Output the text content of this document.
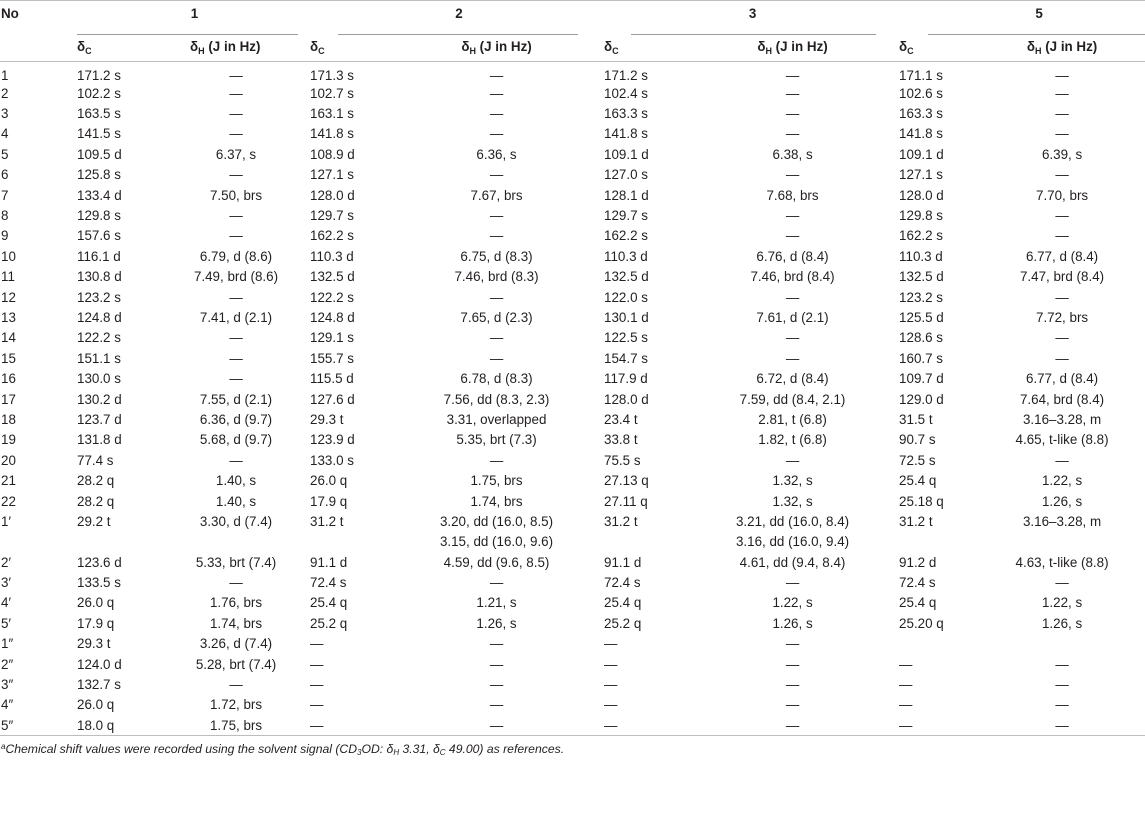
No	1		2		3		5	
	$\delta_C$	$\delta_H$ (J in Hz)	$\delta_C$	$\delta_H$ (J in Hz)	$\delta_C$	$\delta_H$ (J in Hz)	$\delta_C$	$\delta_H$ (J in Hz)
1	171.2 s	—	171.3 s	—	171.2 s	—	171.1 s	—
2	102.2 s	—	102.7 s	—	102.4 s	—	102.6 s	—
3	163.5 s	—	163.1 s	—	163.3 s	—	163.3 s	—
4	141.5 s	—	141.8 s	—	141.8 s	—	141.8 s	—
5	109.5 d	6.37, s	108.9 d	6.36, s	109.1 d	6.38, s	109.1 d	6.39, s
6	125.8 s	—	127.1 s	—	127.0 s	—	127.1 s	—
7	133.4 d	7.50, brs	128.0 d	7.67, brs	128.1 d	7.68, brs	128.0 d	7.70, brs
8	129.8 s	—	129.7 s	—	129.7 s	—	129.8 s	—
9	157.6 s	—	162.2 s	—	162.2 s	—	162.2 s	—
10	116.1 d	6.79, d (8.6)	110.3 d	6.75, d (8.3)	110.3 d	6.76, d (8.4)	110.3 d	6.77, d (8.4)
11	130.8 d	7.49, brd (8.6)	132.5 d	7.46, brd (8.3)	132.5 d	7.46, brd (8.4)	132.5 d	7.47, brd (8.4)
12	123.2 s	—	122.2 s	—	122.0 s	—	123.2 s	—
13	124.8 d	7.41, d (2.1)	124.8 d	7.65, d (2.3)	130.1 d	7.61, d (2.1)	125.5 d	7.72, brs
14	122.2 s	—	129.1 s	—	122.5 s	—	128.6 s	—
15	151.1 s	—	155.7 s	—	154.7 s	—	160.7 s	—
16	130.0 s	—	115.5 d	6.78, d (8.3)	117.9 d	6.72, d (8.4)	109.7 d	6.77, d (8.4)
17	130.2 d	7.55, d (2.1)	127.6 d	7.56, dd (8.3, 2.3)	128.0 d	7.59, dd (8.4, 2.1)	129.0 d	7.64, brd (8.4)
18	123.7 d	6.36, d (9.7)	29.3 t	3.31, overlapped	23.4 t	2.81, t (6.8)	31.5 t	3.16–3.28, m
19	131.8 d	5.68, d (9.7)	123.9 d	5.35, brt (7.3)	33.8 t	1.82, t (6.8)	90.7 s	4.65, t-like (8.8)
20	77.4 s	—	133.0 s	—	75.5 s	—	72.5 s	—
21	28.2 q	1.40, s	26.0 q	1.75, brs	27.13 q	1.32, s	25.4 q	1.22, s
22	28.2 q	1.40, s	17.9 q	1.74, brs	27.11 q	1.32, s	25.18 q	1.26, s
1′	29.2 t	3.30, d (7.4)	31.2 t	3.20, dd (16.0, 8.5)	31.2 t	3.21, dd (16.0, 8.4)	31.2 t	3.16–3.28, m
				3.15, dd (16.0, 9.6)		3.16, dd (16.0, 9.4)		
2′	123.6 d	5.33, brt (7.4)	91.1 d	4.59, dd (9.6, 8.5)	91.1 d	4.61, dd (9.4, 8.4)	91.2 d	4.63, t-like (8.8)
3′	133.5 s	—	72.4 s	—	72.4 s	—	72.4 s	—
4′	26.0 q	1.76, brs	25.4 q	1.21, s	25.4 q	1.22, s	25.4 q	1.22, s
5′	17.9 q	1.74, brs	25.2 q	1.26, s	25.2 q	1.26, s	25.20 q	1.26, s
1″	29.3 t	3.26, d (7.4)	—	—	—	—		
2″	124.0 d	5.28, brt (7.4)	—	—	—	—	—	—
3″	132.7 s	—	—	—	—	—	—	—
4″	26.0 q	1.72, brs	—	—	—	—	—	—
5″	18.0 q	1.75, brs	—	—	—	—	—	—
$^a$Chemical shift values were recorded using the solvent signal ($CD_3OD$: $\delta_H$ 3.31, $\delta_C$ 49.00) as references.
